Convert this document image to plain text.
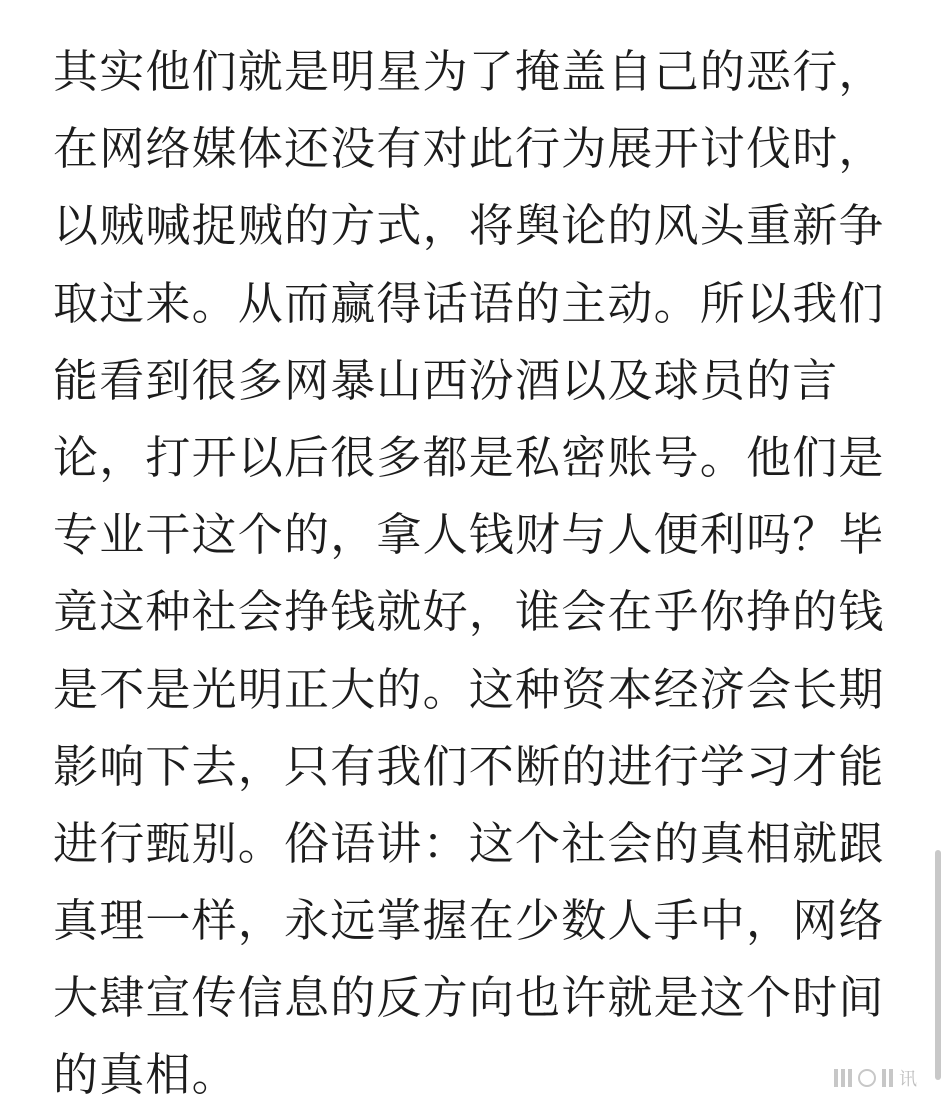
其实他们就是明星为了掩盖自己的恶行，
在网络媒体还没有对此行为展开讨伐时，
以贼喊捉贼的方式，将舆论的风头重新争
取过来。从而赢得话语的主动。所以我们
能看到很多网暴山西汾酒以及球员的言
论，打开以后很多都是私密账号。他们是
专业干这个的，拿人钱财与人便利吗？毕
竟这种社会挣钱就好，谁会在乎你挣的钱
是不是光明正大的。这种资本经济会长期
影响下去，只有我们不断的进行学习才能
进行甄别。俗语讲：这个社会的真相就跟
真理一样，永远掌握在少数人手中，网络
大肆宣传信息的反方向也许就是这个时间
的真相。	讯
